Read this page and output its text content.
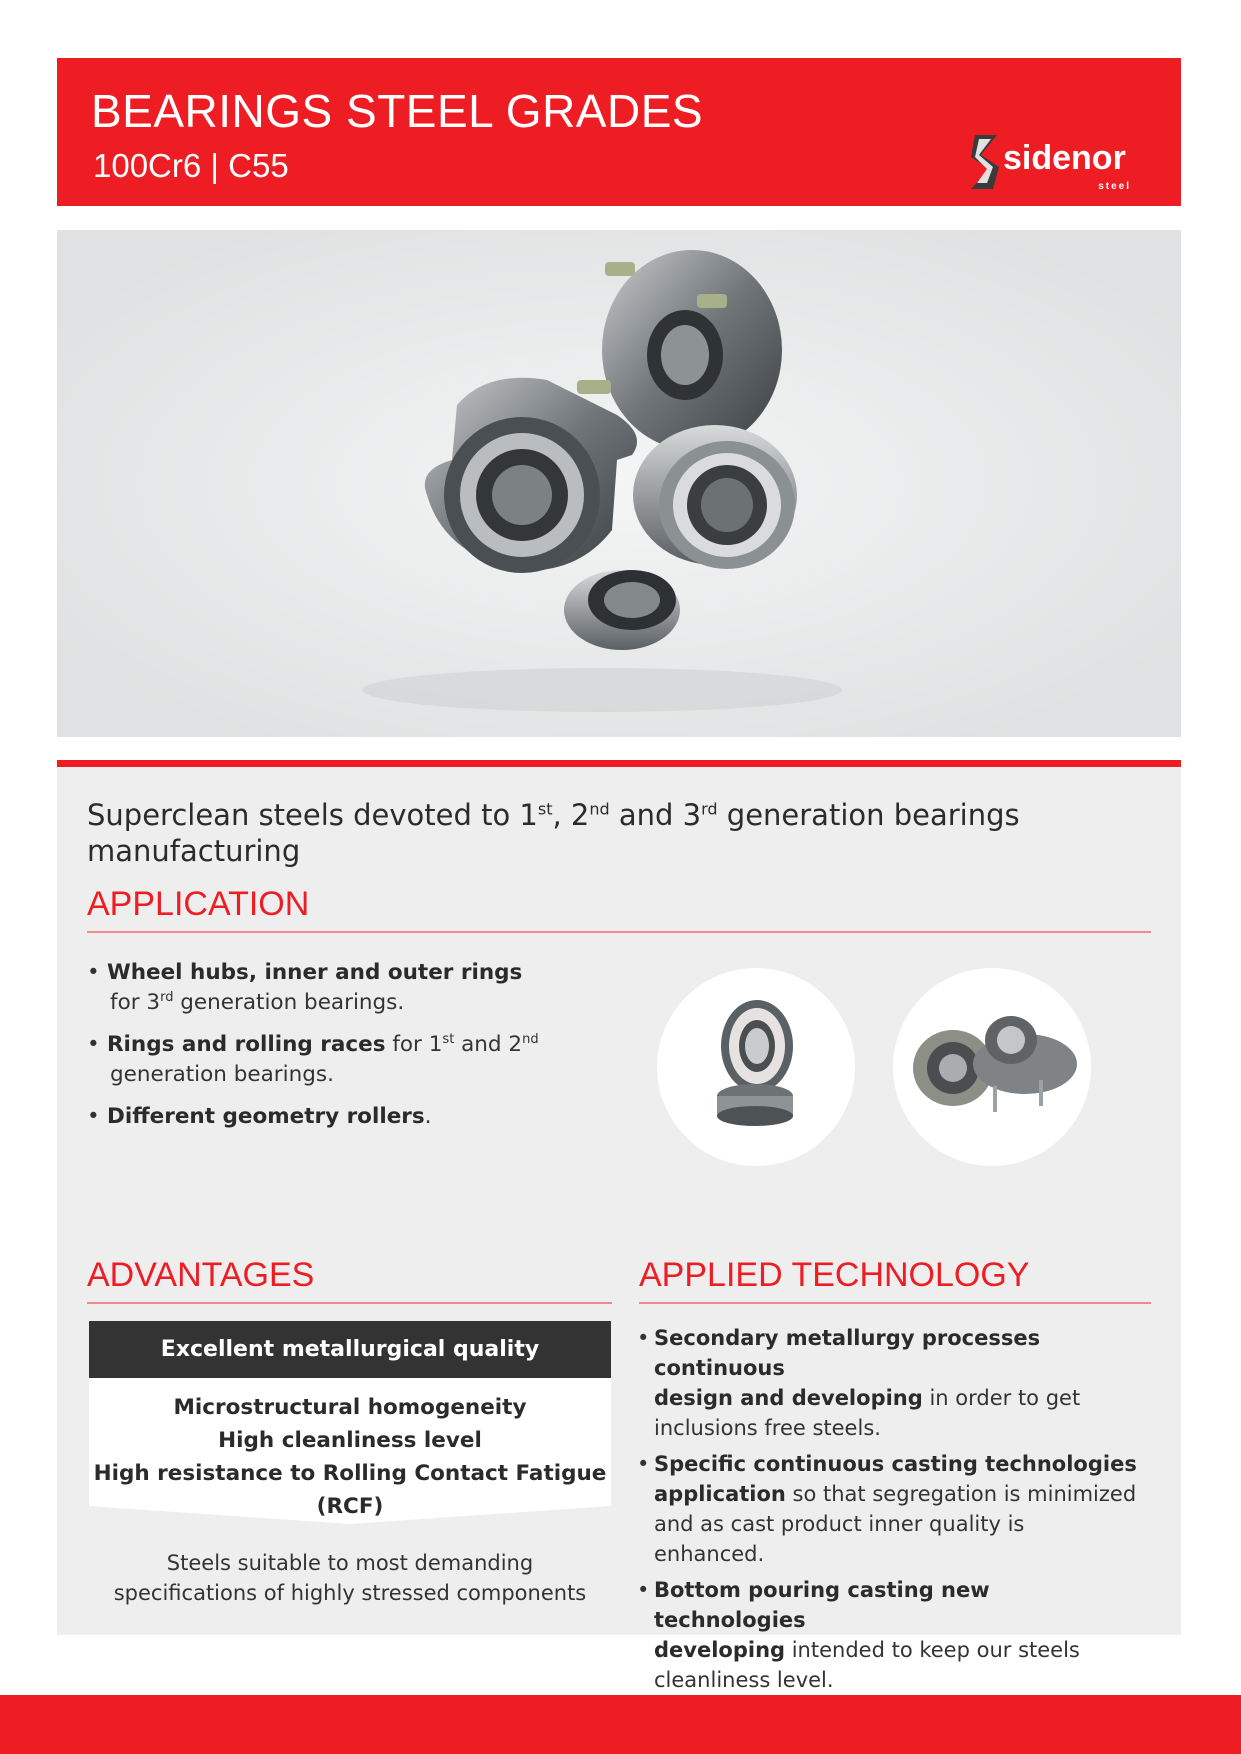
BEARINGS STEEL GRADES
100Cr6 | C55	sidenor
steel
Superclean steels devoted to 1st, 2nd and 3rd generation bearings manufacturing
APPLICATION
• Wheel hubs, inner and outer rings
for 3rd generation bearings.
• Rings and rolling races for 1st and 2nd
generation bearings.
• Different geometry rollers.
ADVANTAGES	APPLIED TECHNOLOGY
Excellent metallurgical quality
Microstructural homogeneity
High cleanliness level
High resistance to Rolling Contact Fatigue (RCF)
Steels suitable to most demanding
specifications of highly stressed components
• Secondary metallurgy processes continuous
design and developing in order to get
inclusions free steels.
• Specific continuous casting technologies
application so that segregation is minimized
and as cast product inner quality is enhanced.
• Bottom pouring casting new technologies
developing intended to keep our steels
cleanliness level.
